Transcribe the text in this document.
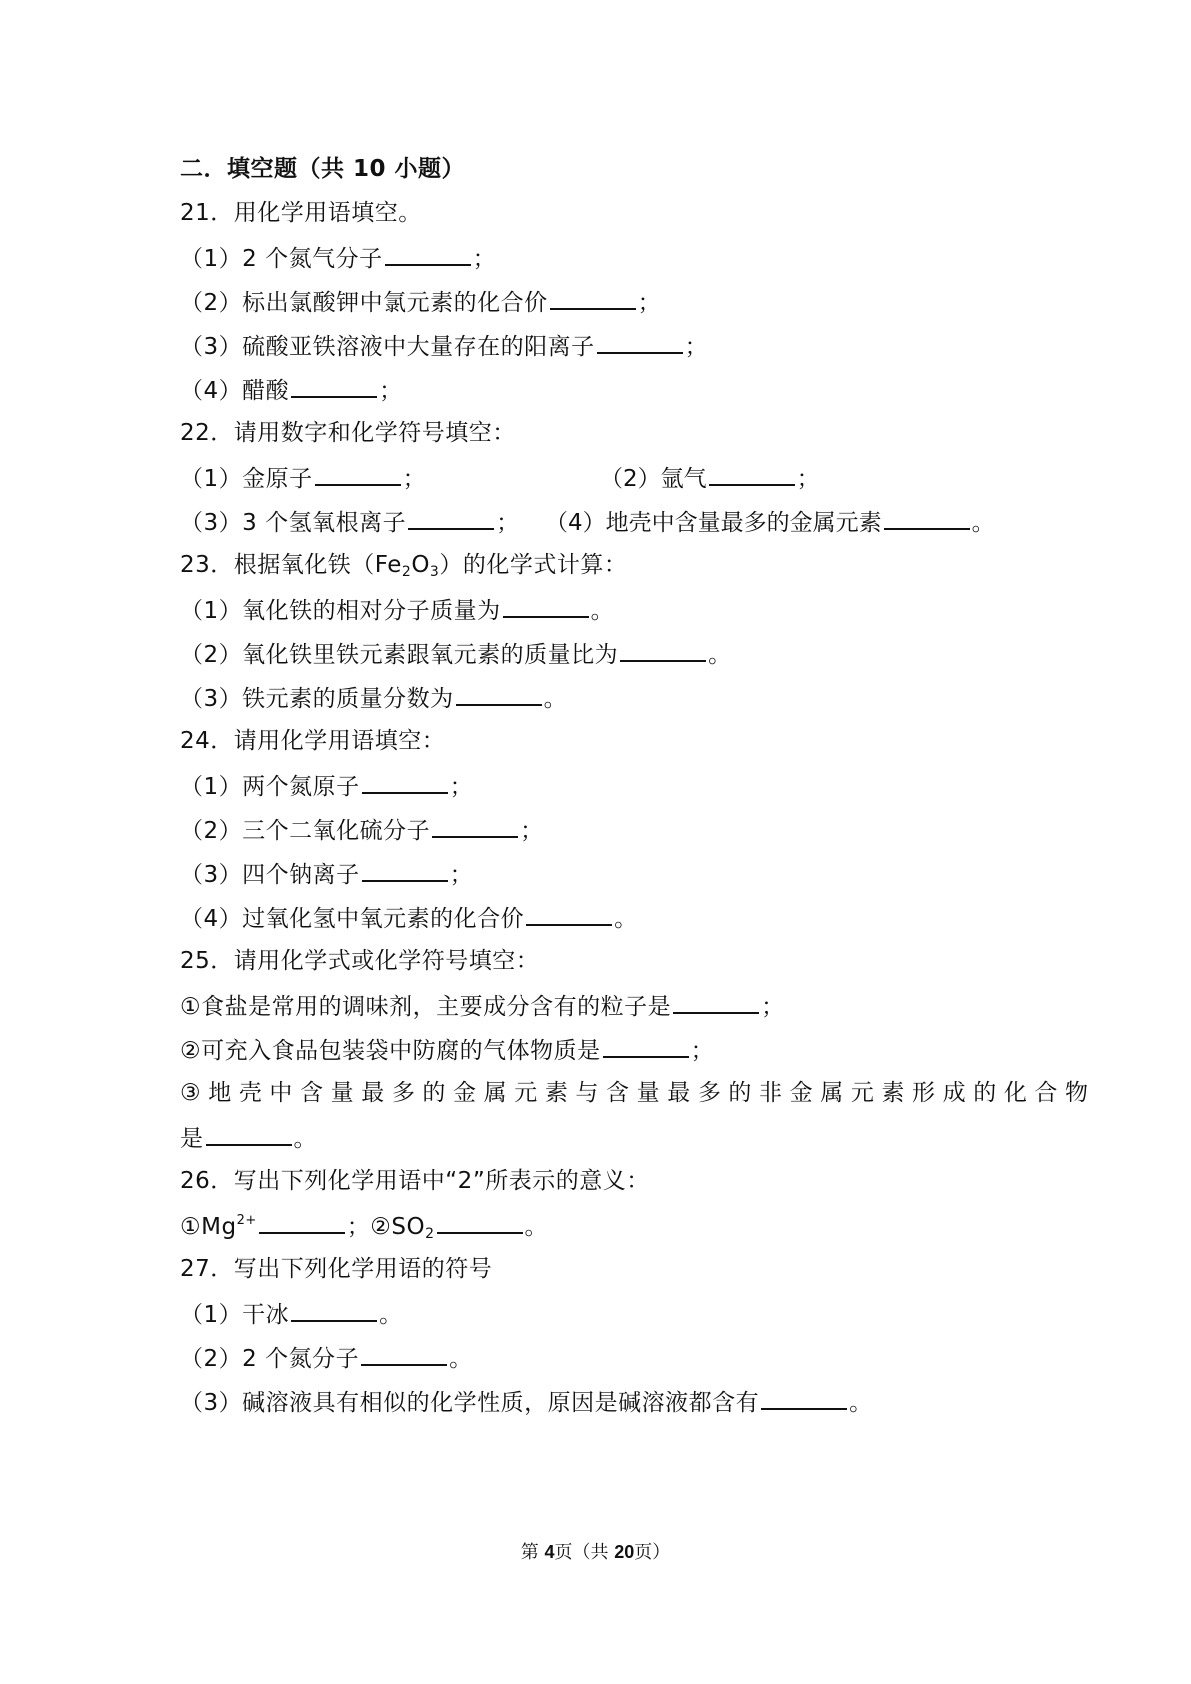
二．填空题（共 10 小题）
21．用化学用语填空。
（1）2 个氮气分子	；
（2）标出氯酸钾中氯元素的化合价	；
（3）硫酸亚铁溶液中大量存在的阳离子	；
（4）醋酸	；
22．请用数字和化学符号填空：
（1）金原子	；	（2）氩气	；
（3）3 个氢氧根离子	； （4）地壳中含量最多的金属元素	。
23．根据氧化铁$(Fe_2O_3)$的化学式计算：
（1）氧化铁的相对分子质量为	。
（2）氧化铁里铁元素跟氧元素的质量比为	。
（3）铁元素的质量分数为	。
24．请用化学用语填空：
（1）两个氮原子	；
（2）三个二氧化硫分子	；
（3）四个钠离子	；
（4）过氧化氢中氧元素的化合价	。
25．请用化学式或化学符号填空：
①食盐是常用的调味剂，主要成分含有的粒子是	；
②可充入食品包装袋中防腐的气体物质是	；
③地壳中含量最多的金属元素与含量最多的非金属元素形成的化合物
是	。
26．写出下列化学用语中“2”所表示的意义：
$①Mg^{2+}$	；$②SO_2$	。
27．写出下列化学用语的符号
（1）干冰	。
（2）2 个氮分子	。
（3）碱溶液具有相似的化学性质，原因是碱溶液都含有	。
第 4页（共 20页）
